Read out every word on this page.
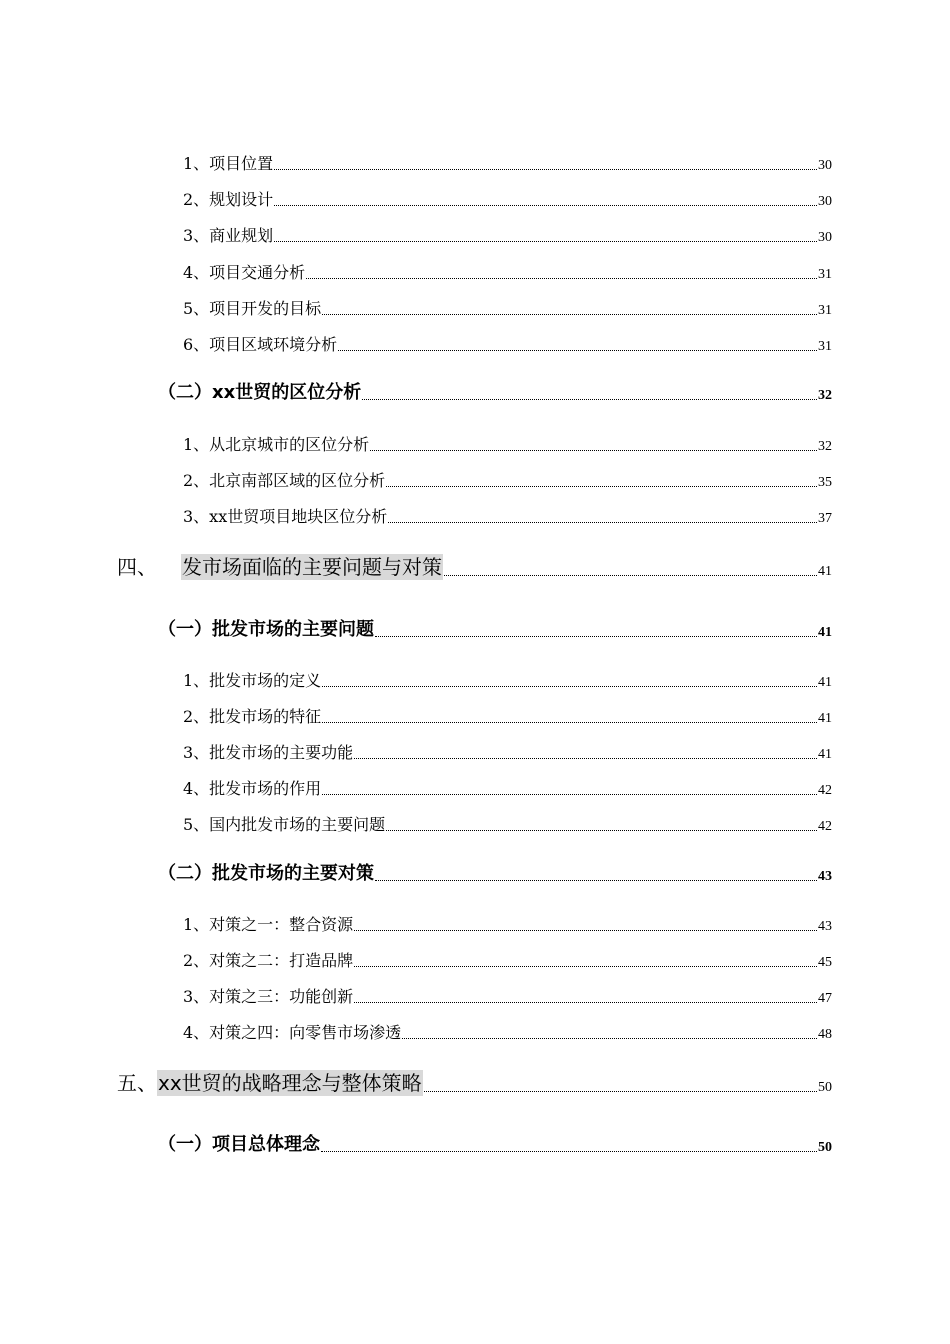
1、项目位置	30
2、规划设计	30
3、商业规划	30
4、项目交通分析	31
5、项目开发的目标	31
6、项目区域环境分析	31
（二）xx世贸的区位分析	32
1、从北京城市的区位分析	32
2、北京南部区域的区位分析	35
3、xx世贸项目地块区位分析	37
四、	发市场面临的主要问题与对策	41
（一）批发市场的主要问题	41
1、批发市场的定义	41
2、批发市场的特征	41
3、批发市场的主要功能	41
4、批发市场的作用	42
5、国内批发市场的主要问题	42
（二）批发市场的主要对策	43
1、对策之一：整合资源	43
2、对策之二：打造品牌	45
3、对策之三：功能创新	47
4、对策之四：向零售市场渗透	48
五、 xx世贸的战略理念与整体策略	50
（一）项目总体理念	50
